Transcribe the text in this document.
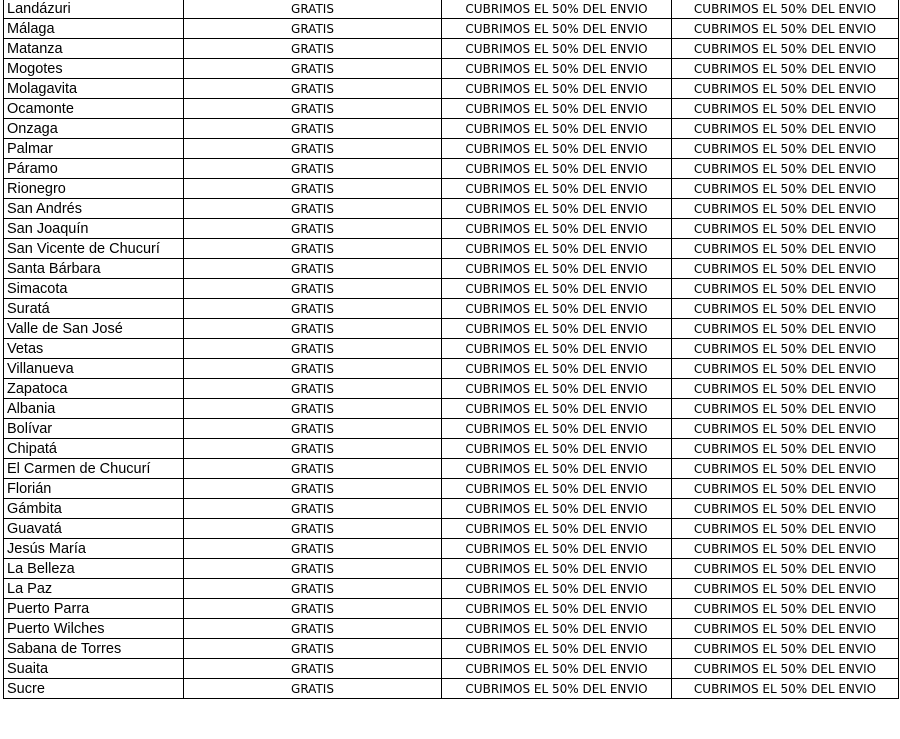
Landázuri	GRATIS	CUBRIMOS EL 50% DEL ENVIO	CUBRIMOS EL 50% DEL ENVIO
Málaga	GRATIS	CUBRIMOS EL 50% DEL ENVIO	CUBRIMOS EL 50% DEL ENVIO
Matanza	GRATIS	CUBRIMOS EL 50% DEL ENVIO	CUBRIMOS EL 50% DEL ENVIO
Mogotes	GRATIS	CUBRIMOS EL 50% DEL ENVIO	CUBRIMOS EL 50% DEL ENVIO
Molagavita	GRATIS	CUBRIMOS EL 50% DEL ENVIO	CUBRIMOS EL 50% DEL ENVIO
Ocamonte	GRATIS	CUBRIMOS EL 50% DEL ENVIO	CUBRIMOS EL 50% DEL ENVIO
Onzaga	GRATIS	CUBRIMOS EL 50% DEL ENVIO	CUBRIMOS EL 50% DEL ENVIO
Palmar	GRATIS	CUBRIMOS EL 50% DEL ENVIO	CUBRIMOS EL 50% DEL ENVIO
Páramo	GRATIS	CUBRIMOS EL 50% DEL ENVIO	CUBRIMOS EL 50% DEL ENVIO
Rionegro	GRATIS	CUBRIMOS EL 50% DEL ENVIO	CUBRIMOS EL 50% DEL ENVIO
San Andrés	GRATIS	CUBRIMOS EL 50% DEL ENVIO	CUBRIMOS EL 50% DEL ENVIO
San Joaquín	GRATIS	CUBRIMOS EL 50% DEL ENVIO	CUBRIMOS EL 50% DEL ENVIO
San Vicente de Chucurí	GRATIS	CUBRIMOS EL 50% DEL ENVIO	CUBRIMOS EL 50% DEL ENVIO
Santa Bárbara	GRATIS	CUBRIMOS EL 50% DEL ENVIO	CUBRIMOS EL 50% DEL ENVIO
Simacota	GRATIS	CUBRIMOS EL 50% DEL ENVIO	CUBRIMOS EL 50% DEL ENVIO
Suratá	GRATIS	CUBRIMOS EL 50% DEL ENVIO	CUBRIMOS EL 50% DEL ENVIO
Valle de San José	GRATIS	CUBRIMOS EL 50% DEL ENVIO	CUBRIMOS EL 50% DEL ENVIO
Vetas	GRATIS	CUBRIMOS EL 50% DEL ENVIO	CUBRIMOS EL 50% DEL ENVIO
Villanueva	GRATIS	CUBRIMOS EL 50% DEL ENVIO	CUBRIMOS EL 50% DEL ENVIO
Zapatoca	GRATIS	CUBRIMOS EL 50% DEL ENVIO	CUBRIMOS EL 50% DEL ENVIO
Albania	GRATIS	CUBRIMOS EL 50% DEL ENVIO	CUBRIMOS EL 50% DEL ENVIO
Bolívar	GRATIS	CUBRIMOS EL 50% DEL ENVIO	CUBRIMOS EL 50% DEL ENVIO
Chipatá	GRATIS	CUBRIMOS EL 50% DEL ENVIO	CUBRIMOS EL 50% DEL ENVIO
El Carmen de Chucurí	GRATIS	CUBRIMOS EL 50% DEL ENVIO	CUBRIMOS EL 50% DEL ENVIO
Florián	GRATIS	CUBRIMOS EL 50% DEL ENVIO	CUBRIMOS EL 50% DEL ENVIO
Gámbita	GRATIS	CUBRIMOS EL 50% DEL ENVIO	CUBRIMOS EL 50% DEL ENVIO
Guavatá	GRATIS	CUBRIMOS EL 50% DEL ENVIO	CUBRIMOS EL 50% DEL ENVIO
Jesús María	GRATIS	CUBRIMOS EL 50% DEL ENVIO	CUBRIMOS EL 50% DEL ENVIO
La Belleza	GRATIS	CUBRIMOS EL 50% DEL ENVIO	CUBRIMOS EL 50% DEL ENVIO
La Paz	GRATIS	CUBRIMOS EL 50% DEL ENVIO	CUBRIMOS EL 50% DEL ENVIO
Puerto Parra	GRATIS	CUBRIMOS EL 50% DEL ENVIO	CUBRIMOS EL 50% DEL ENVIO
Puerto Wilches	GRATIS	CUBRIMOS EL 50% DEL ENVIO	CUBRIMOS EL 50% DEL ENVIO
Sabana de Torres	GRATIS	CUBRIMOS EL 50% DEL ENVIO	CUBRIMOS EL 50% DEL ENVIO
Suaita	GRATIS	CUBRIMOS EL 50% DEL ENVIO	CUBRIMOS EL 50% DEL ENVIO
Sucre	GRATIS	CUBRIMOS EL 50% DEL ENVIO	CUBRIMOS EL 50% DEL ENVIO
